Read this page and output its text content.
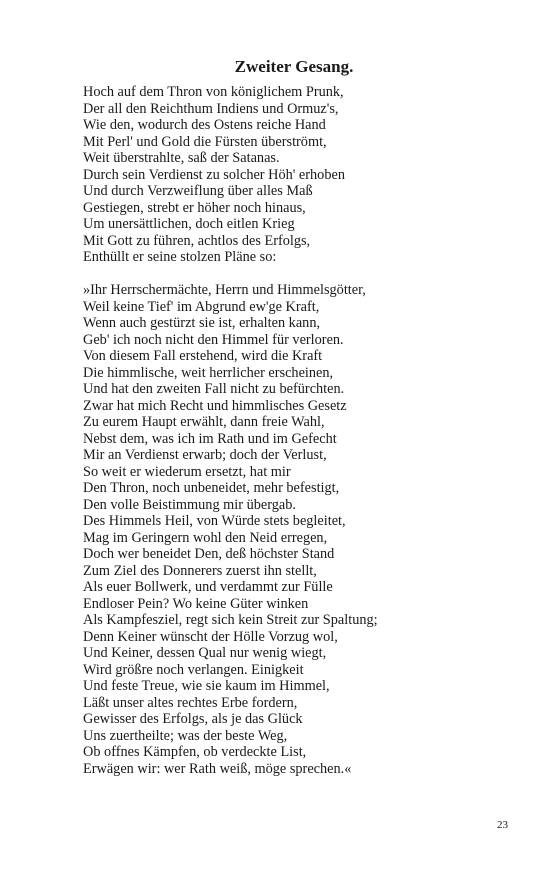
Zweiter Gesang.
Hoch auf dem Thron von königlichem Prunk,
Der all den Reichthum Indiens und Ormuz's,
Wie den, wodurch des Ostens reiche Hand
Mit Perl' und Gold die Fürsten überströmt,
Weit überstrahlte, saß der Satanas.
Durch sein Verdienst zu solcher Höh' erhoben
Und durch Verzweiflung über alles Maß
Gestiegen, strebt er höher noch hinaus,
Um unersättlichen, doch eitlen Krieg
Mit Gott zu führen, achtlos des Erfolgs,
Enthüllt er seine stolzen Pläne so:
»Ihr Herrschermächte, Herrn und Himmelsgötter,
Weil keine Tief' im Abgrund ew'ge Kraft,
Wenn auch gestürzt sie ist, erhalten kann,
Geb' ich noch nicht den Himmel für verloren.
Von diesem Fall erstehend, wird die Kraft
Die himmlische, weit herrlicher erscheinen,
Und hat den zweiten Fall nicht zu befürchten.
Zwar hat mich Recht und himmlisches Gesetz
Zu eurem Haupt erwählt, dann freie Wahl,
Nebst dem, was ich im Rath und im Gefecht
Mir an Verdienst erwarb; doch der Verlust,
So weit er wiederum ersetzt, hat mir
Den Thron, noch unbeneidet, mehr befestigt,
Den volle Beistimmung mir übergab.
Des Himmels Heil, von Würde stets begleitet,
Mag im Geringern wohl den Neid erregen,
Doch wer beneidet Den, deß höchster Stand
Zum Ziel des Donnerers zuerst ihn stellt,
Als euer Bollwerk, und verdammt zur Fülle
Endloser Pein? Wo keine Güter winken
Als Kampfesziel, regt sich kein Streit zur Spaltung;
Denn Keiner wünscht der Hölle Vorzug wol,
Und Keiner, dessen Qual nur wenig wiegt,
Wird größre noch verlangen. Einigkeit
Und feste Treue, wie sie kaum im Himmel,
Läßt unser altes rechtes Erbe fordern,
Gewisser des Erfolgs, als je das Glück
Uns zuertheilte; was der beste Weg,
Ob offnes Kämpfen, ob verdeckte List,
Erwägen wir: wer Rath weiß, möge sprechen.«
23
